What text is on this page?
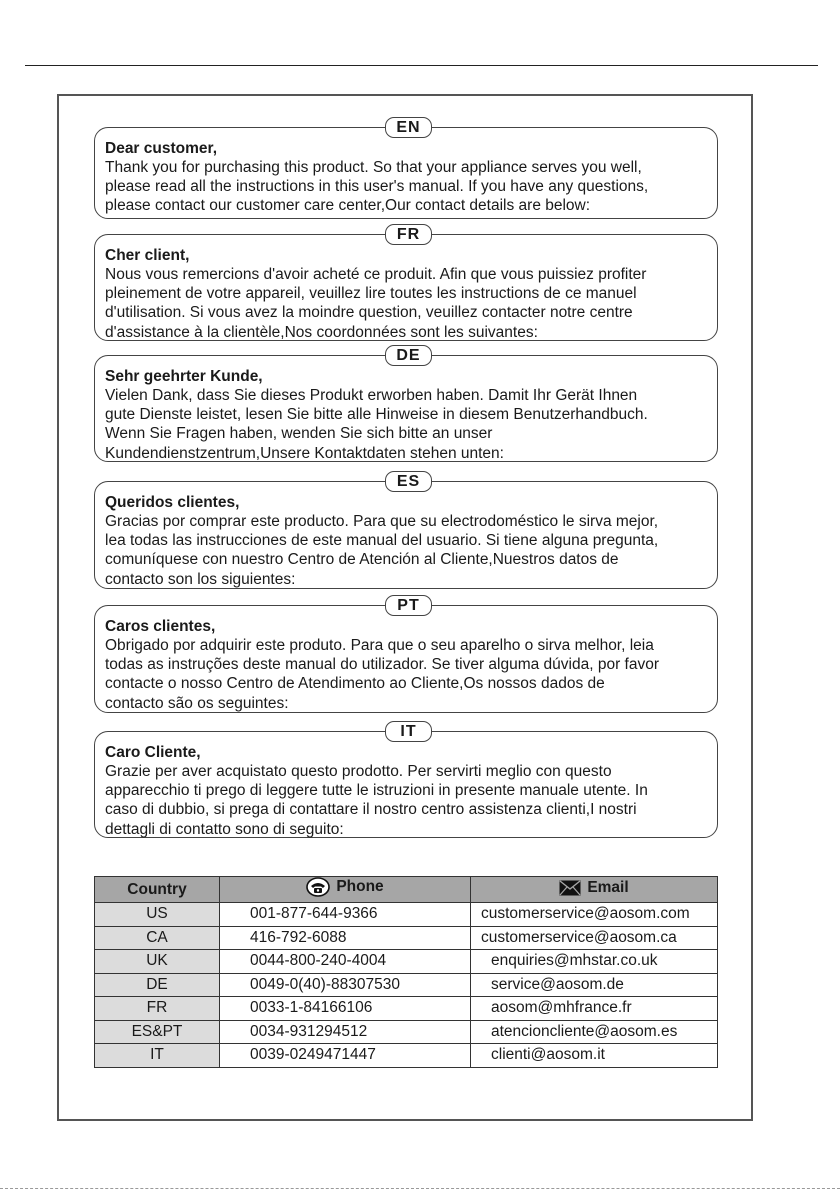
EN

Dear customer,

Thank you for purchasing this product. So that your appliance serves you well,
please read all the instructions in this user's manual. If you have any questions,
please contact our customer care center,Our contact details are below:

FR

Cher client,

Nous vous remercions d'avoir acheté ce produit. Afin que vous puissiez profiter
pleinement de votre appareil, veuillez lire toutes les instructions de ce manuel
d'utilisation. Si vous avez la moindre question, veuillez contacter notre centre
d'assistance à la clientèle,Nos coordonnées sont les suivantes:

DE

Sehr geehrter Kunde,

Vielen Dank, dass Sie dieses Produkt erworben haben. Damit Ihr Gerät Ihnen
gute Dienste leistet, lesen Sie bitte alle Hinweise in diesem Benutzerhandbuch.
Wenn Sie Fragen haben, wenden Sie sich bitte an unser
Kundendienstzentrum,Unsere Kontaktdaten stehen unten:

ES

Queridos clientes,

Gracias por comprar este producto. Para que su electrodoméstico le sirva mejor,
lea todas las instrucciones de este manual del usuario. Si tiene alguna pregunta,
comuníquese con nuestro Centro de Atención al Cliente,Nuestros datos de
contacto son los siguientes:

PT

Caros clientes,

Obrigado por adquirir este produto. Para que o seu aparelho o sirva melhor, leia
todas as instruções deste manual do utilizador. Se tiver alguma dúvida, por favor
contacte o nosso Centro de Atendimento ao Cliente,Os nossos dados de
contacto são os seguintes:

IT

Caro Cliente,

Grazie per aver acquistato questo prodotto. Per servirti meglio con questo
apparecchio ti prego di leggere tutte le istruzioni in presente manuale utente. In
caso di dubbio, si prega di contattare il nostro centro assistenza clienti,I nostri
dettagli di contatto sono di seguito:

Country	Phone	Email

US	001-877-644-9366	customerservice@aosom.com
CA	416-792-6088	customerservice@aosom.ca
UK	0044-800-240-4004	enquiries@mhstar.co.uk
DE	0049-0(40)-88307530	service@aosom.de
FR	0033-1-84166106	aosom@mhfrance.fr
ES&PT	0034-931294512	atencioncliente@aosom.es
IT	0039-0249471447	clienti@aosom.it
